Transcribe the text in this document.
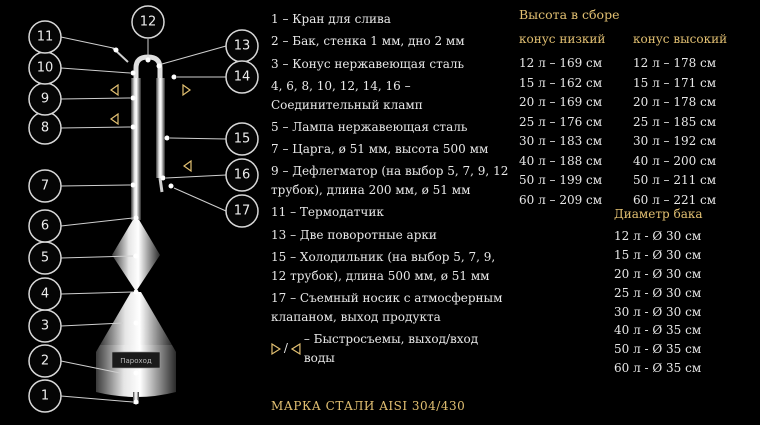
Пароход
1
2
3
4
5
6
7
8
9
10
11
12
13
14
15
16
17
1 – Кран для слива
2 – Бак, стенка 1 мм, дно 2 мм
3 – Конус нержавеющая сталь
4, 6, 8, 10, 12, 14, 16 – Соединительный кламп
5 – Лампа нержавеющая сталь
7 – Царга, ø 51 мм, высота 500 мм
9 – Дефлегматор (на выбор 5, 7, 9, 12 трубок), длина 200 мм, ø 51 мм
11 – Термодатчик
13 – Две поворотные арки
15 – Холодильник (на выбор 5, 7, 9, 12 трубок), длина 500 мм, ø 51 мм
17 – Съемный носик с атмосферным клапаном, выход продукта
/
– Быстросъемы, выход/вход воды
МАРКА СТАЛИ AISI 304/430
Высота в сборе
конус низкий
12 л – 169 см
15 л – 162 см
20 л – 169 см
25 л – 176 см
30 л – 183 см
40 л – 188 см
50 л – 199 см
60 л – 209 см
конус высокий
12 л – 178 см
15 л – 171 см
20 л – 178 см
25 л – 185 см
30 л – 192 см
40 л – 200 см
50 л – 211 см
60 л – 221 см
Диаметр бака
12 л - Ø 30 см
15 л - Ø 30 см
20 л - Ø 30 см
25 л - Ø 30 см
30 л - Ø 30 см
40 л - Ø 35 см
50 л - Ø 35 см
60 л - Ø 35 см
